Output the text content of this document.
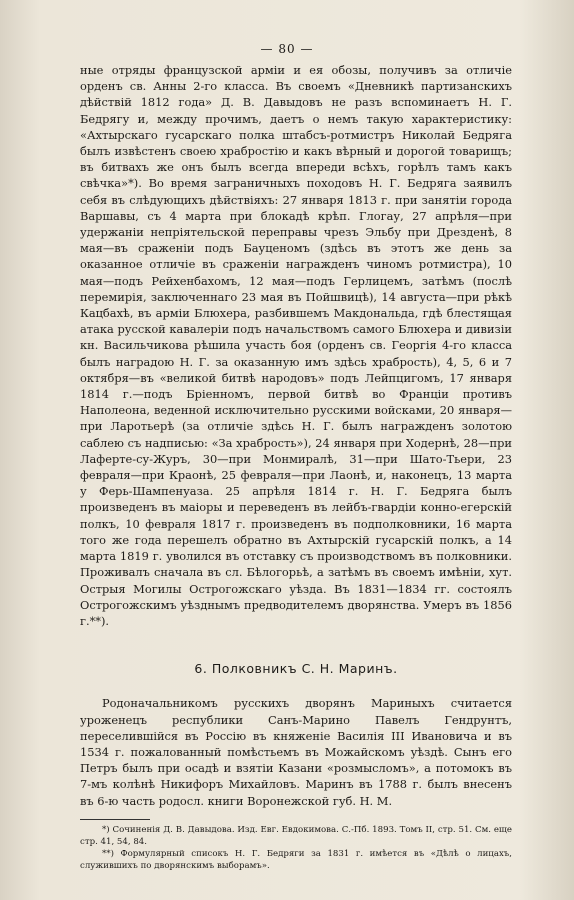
— 80 —

ные отряды французской арміи и ея обозы, получивъ за отличіе орденъ св. Анны 2-го класса. Въ своемъ «Дневникѣ партизанскихъ дѣйствій 1812 года» Д. В. Давыдовъ не разъ вспоминаетъ Н. Г. Бедрягу и, между прочимъ, даетъ о немъ такую характеристику: «Ахтырскаго гусарскаго полка штабсъ-ротмистръ Николай Бедряга былъ извѣстенъ своею храбростію и какъ вѣрный и дорогой товарищъ; въ битвахъ же онъ былъ всегда впереди всѣхъ, горѣлъ тамъ какъ свѣчка»*). Во время заграничныхъ походовъ Н. Г. Бедряга заявилъ себя въ слѣдующихъ дѣйствіяхъ: 27 января 1813 г. при занятіи города Варшавы, съ 4 марта при блокадѣ крѣп. Глогау, 27 апрѣля—при удержаніи непріятельской переправы чрезъ Эльбу при Дрезденѣ, 8 мая—въ сраженіи подъ Бауценомъ (здѣсь въ этотъ же день за оказанное отличіе въ сраженіи награжденъ чиномъ ротмистра), 10 мая—подъ Рейхенбахомъ, 12 мая—подъ Герлицемъ, затѣмъ (послѣ перемирія, заключеннаго 23 мая въ Пойшвицѣ), 14 августа—при рѣкѣ Кацбахѣ, въ арміи Блюхера, разбившемъ Макдональда, гдѣ блестящая атака русской кавалеріи подъ начальствомъ самого Блюхера и дивизіи кн. Васильчикова рѣшила участь боя (орденъ св. Георгія 4-го класса былъ наградою Н. Г. за оказанную имъ здѣсь храбрость), 4, 5, 6 и 7 октября—въ «великой битвѣ народовъ» подъ Лейпцигомъ, 17 января 1814 г.—подъ Бріенномъ, первой битвѣ во Франціи противъ Наполеона, веденной исключительно русскими войсками, 20 января—при Ларотьерѣ (за отличіе здѣсь Н. Г. былъ награжденъ золотою саблею съ надписью: «За храбрость»), 24 января при Ходернѣ, 28—при Лаферте-су-Журъ, 30—при Монмиралѣ, 31—при Шато-Тьери, 23 февраля—при Краонѣ, 25 февраля—при Лаонѣ, и, наконецъ, 13 марта у Ферь-Шампенуаза. 25 апрѣля 1814 г. Н. Г. Бедряга былъ произведенъ въ маіоры и переведенъ въ лейбъ-гвардіи конно-егерскій полкъ, 10 февраля 1817 г. произведенъ въ подполковники, 16 марта того же года перешелъ обратно въ Ахтырскій гусарскій полкъ, а 14 марта 1819 г. уволился въ отставку съ производствомъ въ полковники. Проживалъ сначала въ сл. Бѣлогорьѣ, а затѣмъ въ своемъ имѣніи, хут. Острыя Могилы Острогожскаго уѣзда. Въ 1831—1834 гг. состоялъ Острогожскимъ уѣзднымъ предводителемъ дворянства. Умеръ въ 1856 г.**).

6. Полковникъ С. Н. Маринъ.

Родоначальникомъ русскихъ дворянъ Мариныхъ считается уроженецъ республики Санъ-Марино Павелъ Гендрунтъ, переселившійся въ Россію въ княженіе Василія III Ивановича и въ 1534 г. пожалованный помѣстьемъ въ Можайскомъ уѣздѣ. Сынъ его Петръ былъ при осадѣ и взятіи Казани «розмысломъ», а потомокъ въ 7-мъ колѣнѣ Никифоръ Михайловъ. Маринъ въ 1788 г. былъ внесенъ въ 6-ю часть родосл. книги Воронежской губ. Н. М.

*) Сочиненія Д. В. Давыдова. Изд. Евг. Евдокимова. С.-Пб. 1893. Томъ II, стр. 51. См. еще стр. 41, 54, 84.

**) Формулярный списокъ Н. Г. Бедряги за 1831 г. имѣется въ «Дѣлѣ о лицахъ, служившихъ по дворянскимъ выборамъ».
